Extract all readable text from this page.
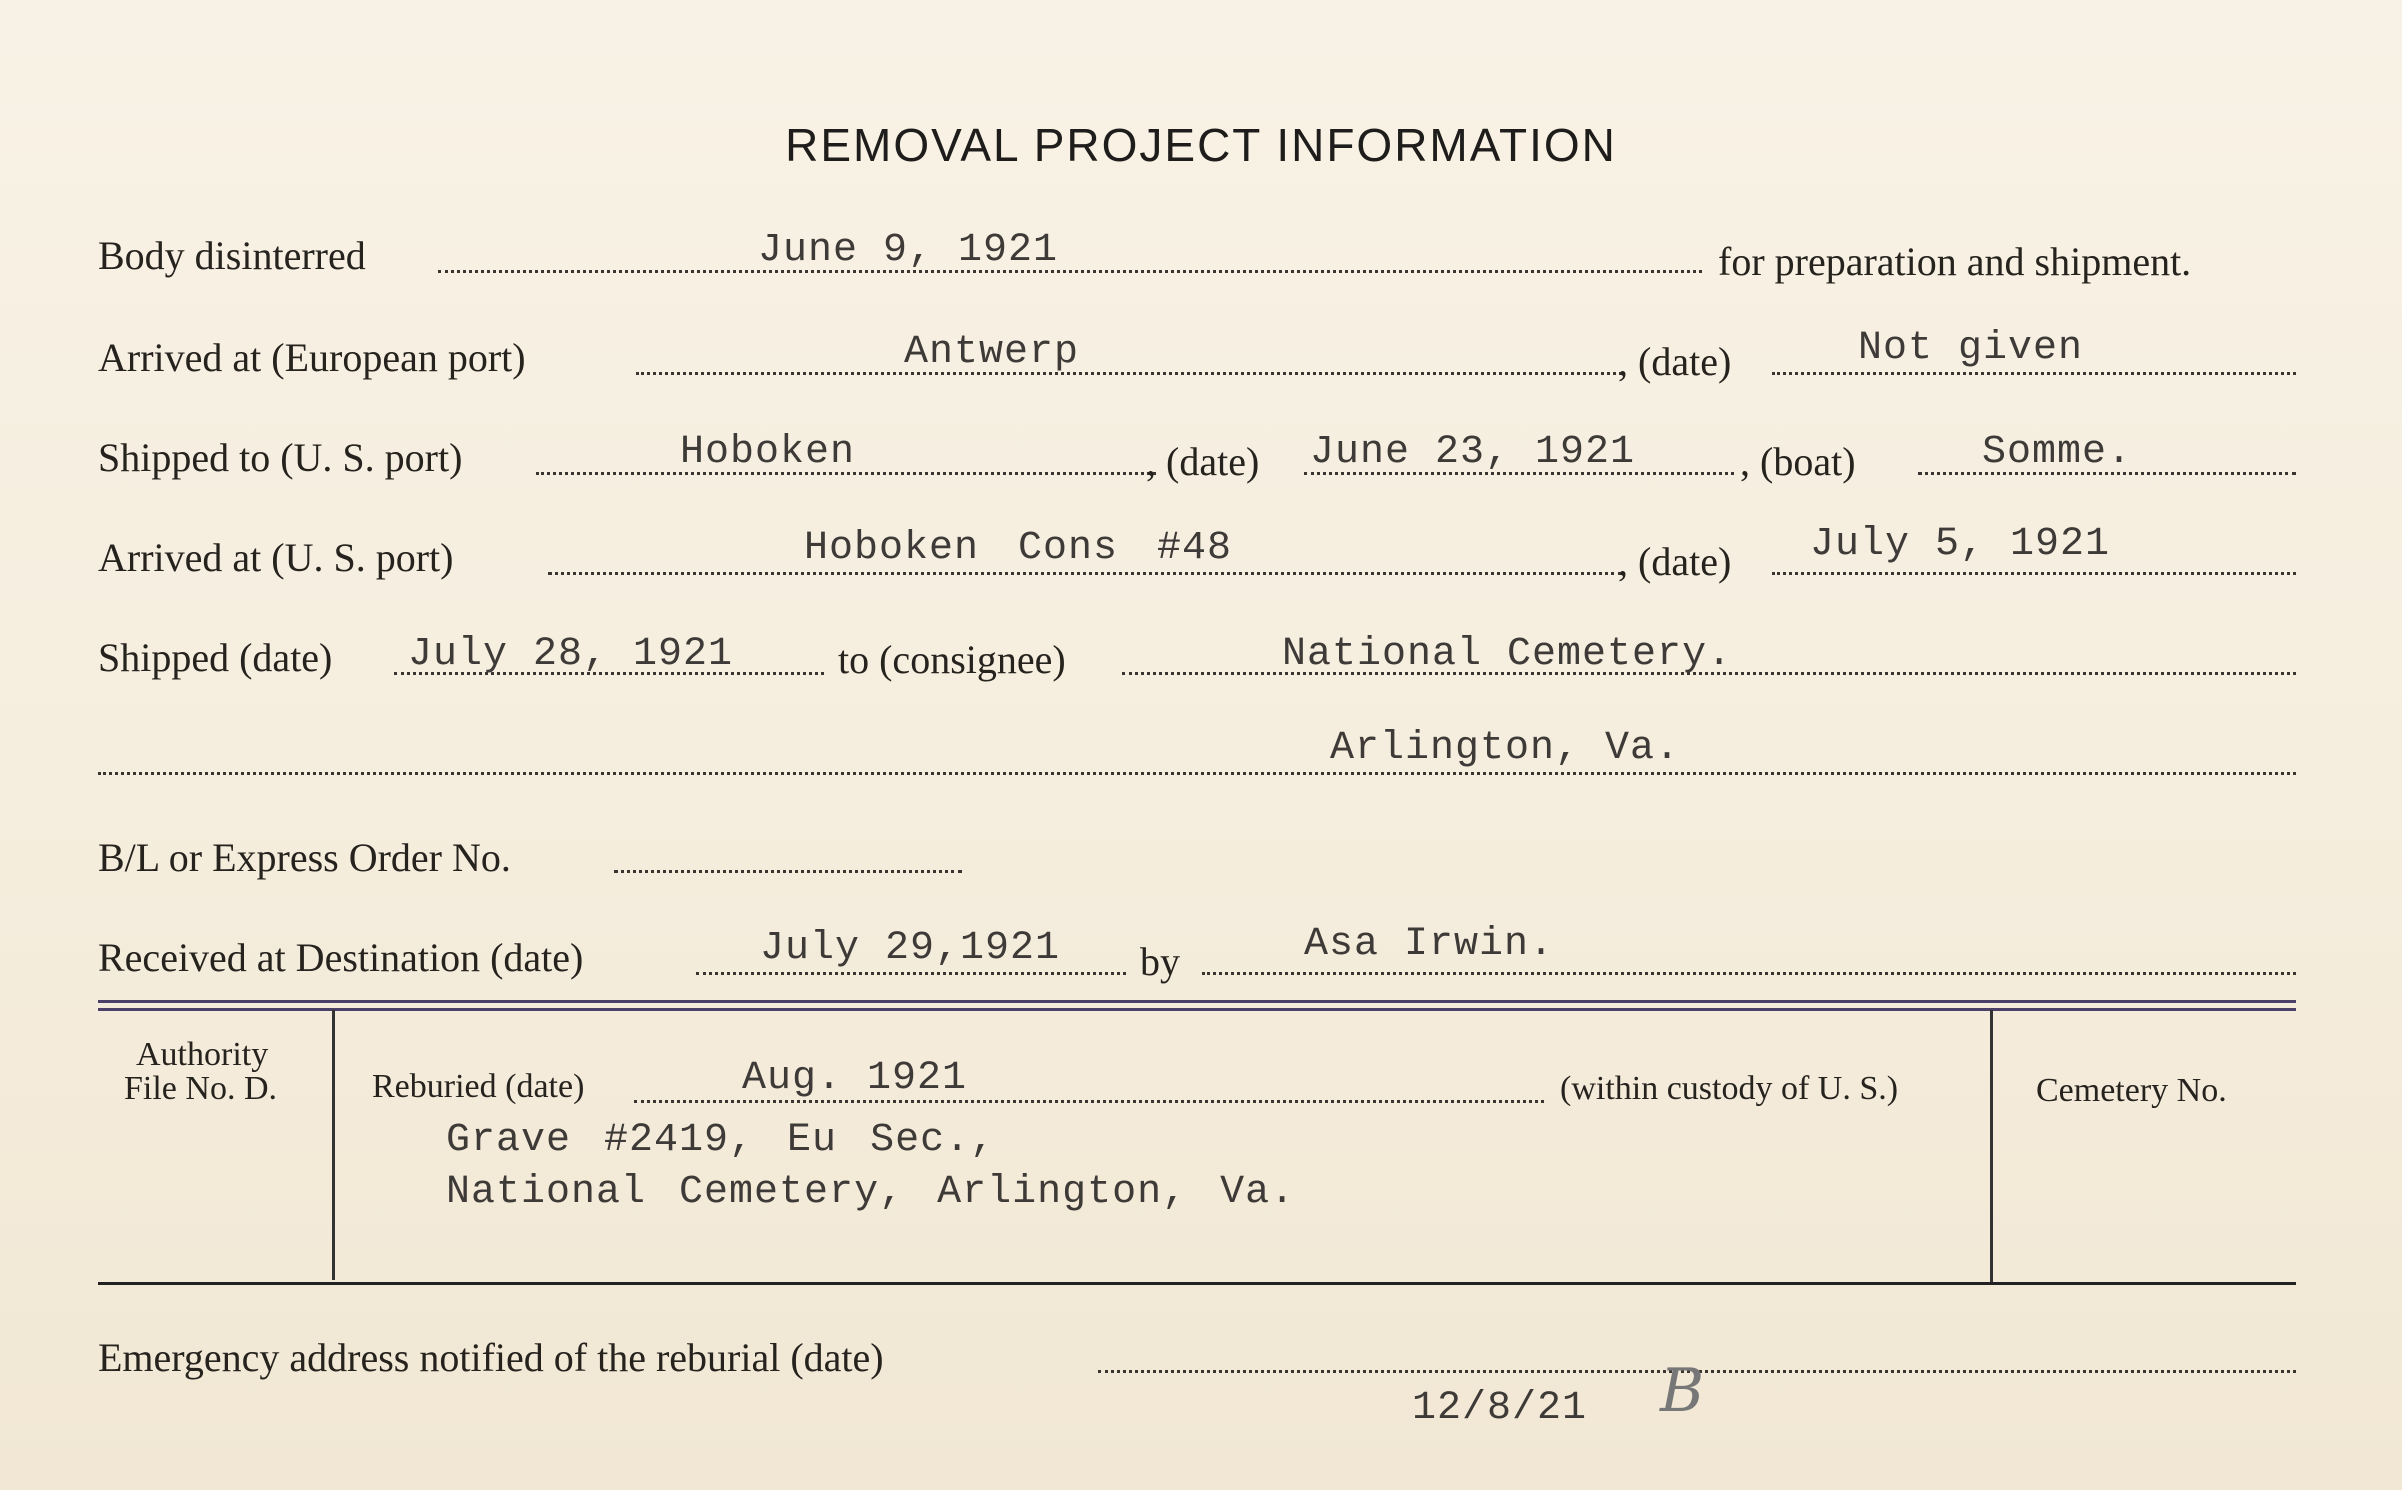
REMOVAL PROJECT INFORMATION
Body disinterred	June 9, 1921	for preparation and shipment.
Arrived at (European port)	Antwerp	, (date)	Not given
Shipped to (U. S. port)	Hoboken	, (date) June 23, 1921	, (boat)	Somme.
Arrived at (U. S. port)	Hoboken Cons #48	, (date) July 5, 1921
Shipped (date) July 28, 1921	to (consignee)	National Cemetery.
Arlington, Va.
B/L or Express Order No.
Received at Destination (date)	July 29,1921 by	Asa Irwin.
Authority
File No. D.	Reburied (date)	Aug. 1921	(within custody of U. S.)	Cemetery No.
Grave #2419, Eu Sec.,
National Cemetery, Arlington, Va.
Emergency address notified of the reburial (date)
12/8/21 B
